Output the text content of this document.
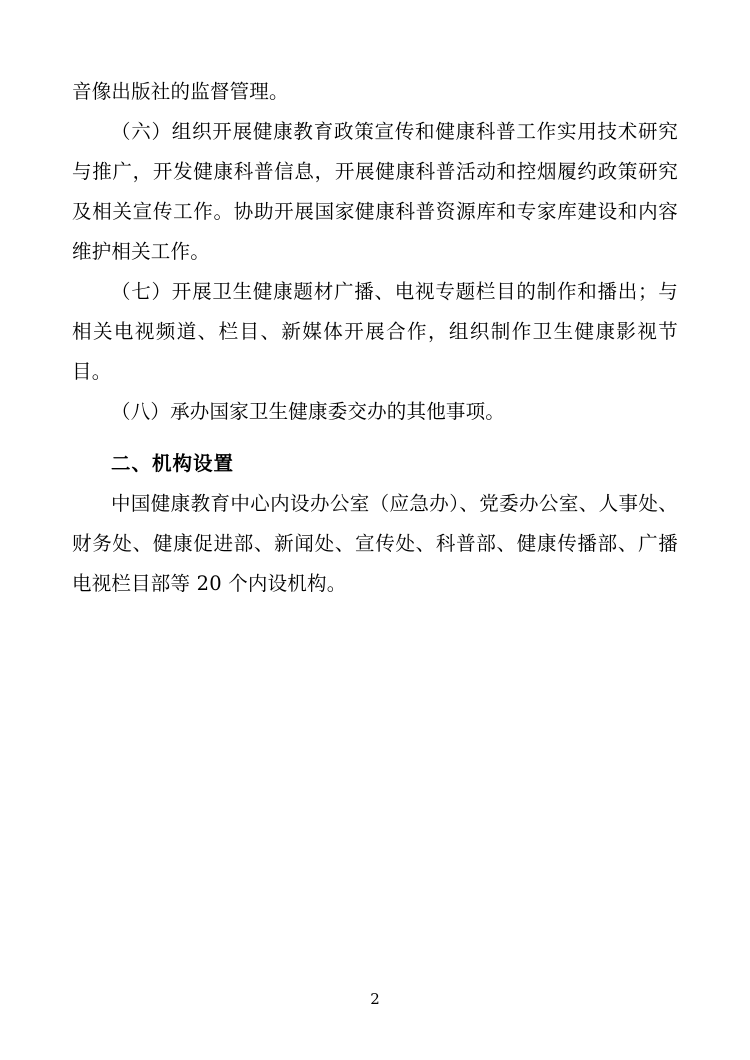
音像出版社的监督管理。

（六）组织开展健康教育政策宣传和健康科普工作实用技术研究与推广，开发健康科普信息，开展健康科普活动和控烟履约政策研究及相关宣传工作。协助开展国家健康科普资源库和专家库建设和内容维护相关工作。

（七）开展卫生健康题材广播、电视专题栏目的制作和播出；与相关电视频道、栏目、新媒体开展合作，组织制作卫生健康影视节目。

（八）承办国家卫生健康委交办的其他事项。

二、机构设置

中国健康教育中心内设办公室（应急办）、党委办公室、人事处、财务处、健康促进部、新闻处、宣传处、科普部、健康传播部、广播电视栏目部等 20 个内设机构。

2
